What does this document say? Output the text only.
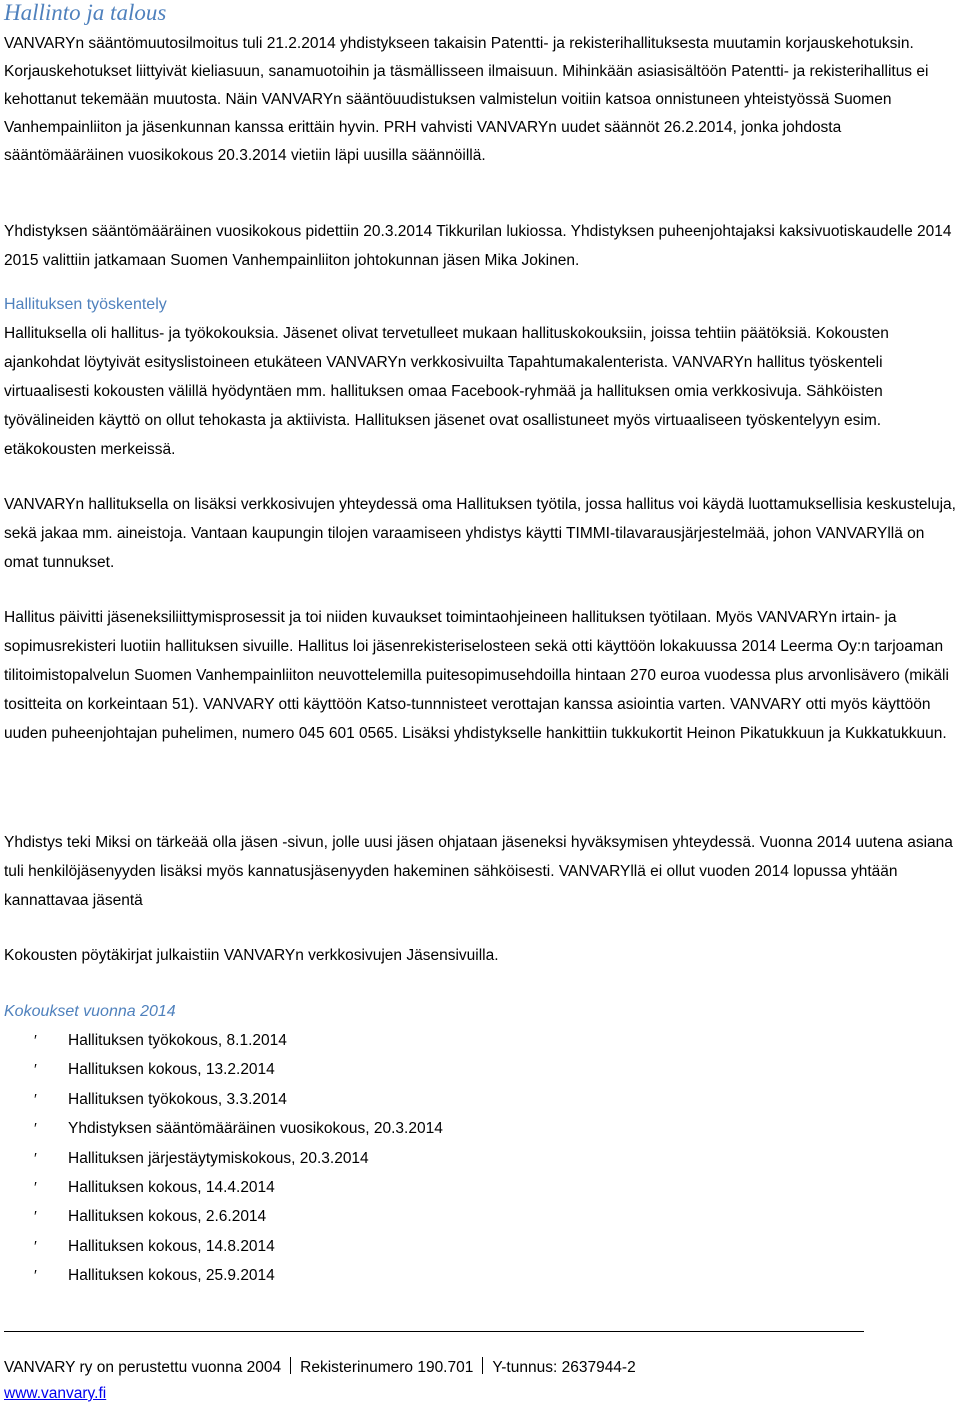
Hallinto ja talous
VANVARYn sääntömuutosilmoitus tuli 21.2.2014 yhdistykseen takaisin Patentti- ja rekisterihallituksesta muutamin korjauskehotuksin. Korjauskehotukset liittyivät kieliasuun, sanamuotoihin ja täsmällisseen ilmaisuun. Mihinkään asiasisältöön Patentti- ja rekisterihallitus ei kehottanut tekemään muutosta. Näin VANVARYn sääntöuudistuksen valmistelun voitiin katsoa onnistuneen yhteistyössä Suomen Vanhempainliiton ja jäsenkunnan kanssa erittäin hyvin. PRH vahvisti VANVARYn uudet säännöt 26.2.2014, jonka johdosta sääntömääräinen vuosikokous 20.3.2014 vietiin läpi uusilla säännöillä.
Yhdistyksen sääntömääräinen vuosikokous pidettiin 20.3.2014 Tikkurilan lukiossa. Yhdistyksen puheenjohtajaksi kaksivuotiskaudelle 2014 2015 valittiin jatkamaan Suomen Vanhempainliiton johtokunnan jäsen Mika Jokinen.
Hallituksen työskentely
Hallituksella oli hallitus- ja työkokouksia. Jäsenet olivat tervetulleet mukaan hallituskokouksiin, joissa tehtiin päätöksiä. Kokousten ajankohdat löytyivät esityslistoineen etukäteen VANVARYn verkkosivuilta Tapahtumakalenterista. VANVARYn hallitus työskenteli virtuaalisesti kokousten välillä hyödyntäen mm. hallituksen omaa Facebook-ryhmää ja hallituksen omia verkkosivuja. Sähköisten työvälineiden käyttö on ollut tehokasta ja aktiivista. Hallituksen jäsenet ovat osallistuneet myös virtuaaliseen työskentelyyn esim. etäkokousten merkeissä.
VANVARYn hallituksella on lisäksi verkkosivujen yhteydessä oma Hallituksen työtila, jossa hallitus voi käydä luottamuksellisia keskusteluja, sekä jakaa mm. aineistoja. Vantaan kaupungin tilojen varaamiseen yhdistys käytti TIMMI-tilavarausjärjestelmää, johon VANVARYllä on omat tunnukset.
Hallitus päivitti jäseneksiliittymisprosessit ja toi niiden kuvaukset toimintaohjeineen hallituksen työtilaan. Myös VANVARYn irtain- ja sopimusrekisteri luotiin hallituksen sivuille. Hallitus loi jäsenrekisteriselosteen sekä otti käyttöön lokakuussa 2014 Leerma Oy:n tarjoaman tilitoimistopalvelun Suomen Vanhempainliiton neuvottelemilla puitesopimusehdoilla hintaan 270 euroa vuodessa plus arvonlisävero (mikäli tositteita on korkeintaan 51). VANVARY otti käyttöön Katso-tunnnisteet verottajan kanssa asiointia varten. VANVARY otti myös käyttöön uuden puheenjohtajan puhelimen, numero 045 601 0565. Lisäksi yhdistykselle hankittiin tukkukortit Heinon Pikatukkuun ja Kukkatukkuun.
Yhdistys teki Miksi on tärkeää olla jäsen -sivun, jolle uusi jäsen ohjataan jäseneksi hyväksymisen yhteydessä. Vuonna 2014 uutena asiana tuli henkilöjäsenyyden lisäksi myös kannatusjäsenyyden hakeminen sähköisesti. VANVARYllä ei ollut vuoden 2014 lopussa yhtään kannattavaa jäsentä
Kokousten pöytäkirjat julkaistiin VANVARYn verkkosivujen Jäsensivuilla.
Kokoukset vuonna 2014
′ Hallituksen työkokous, 8.1.2014
′ Hallituksen kokous, 13.2.2014
′ Hallituksen työkokous, 3.3.2014
′ Yhdistyksen sääntömääräinen vuosikokous, 20.3.2014
′ Hallituksen järjestäytymiskokous, 20.3.2014
′ Hallituksen kokous, 14.4.2014
′ Hallituksen kokous, 2.6.2014
′ Hallituksen kokous, 14.8.2014
′ Hallituksen kokous, 25.9.2014
VANVARY ry on perustettu vuonna 2004 Rekisterinumero 190.701 Y-tunnus: 2637944-2
www.vanvary.fi
